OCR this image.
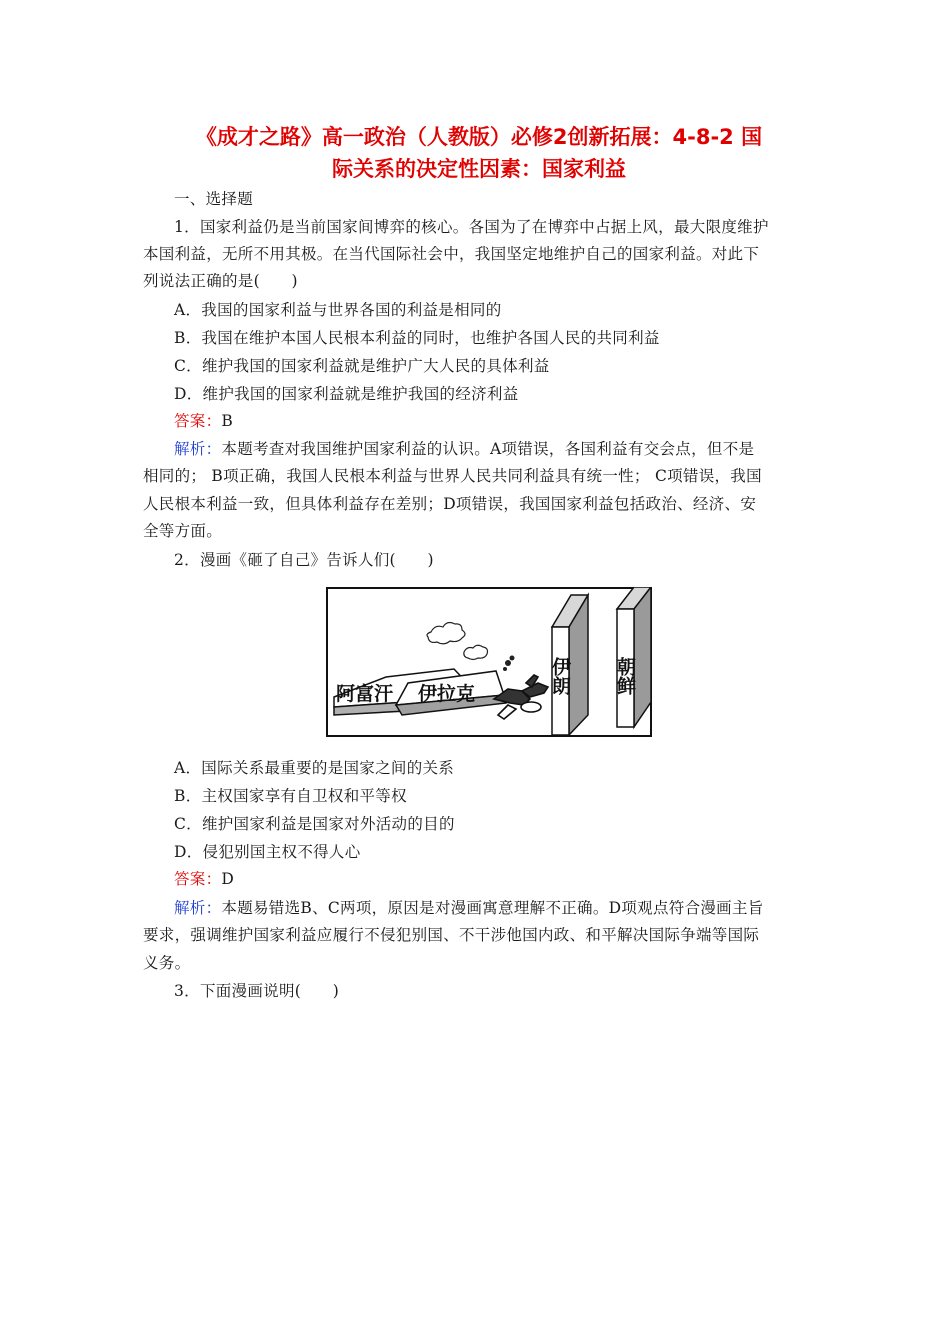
《成才之路》高一政治（人教版）必修2创新拓展：4-8-2 国
际关系的决定性因素：国家利益
一、选择题
1．国家利益仍是当前国家间博弈的核心。各国为了在博弈中占据上风，最大限度维护
本国利益，无所不用其极。在当代国际社会中，我国坚定地维护自己的国家利益。对此下
列说法正确的是(　　)
A．我国的国家利益与世界各国的利益是相同的
B．我国在维护本国人民根本利益的同时，也维护各国人民的共同利益
C．维护我国的国家利益就是维护广大人民的具体利益
D．维护我国的国家利益就是维护我国的经济利益
答案：B
解析：本题考查对我国维护国家利益的认识。A项错误，各国利益有交会点，但不是
相同的； B项正确，我国人民根本利益与世界人民共同利益具有统一性； C项错误，我国
人民根本利益一致，但具体利益存在差别；D项错误，我国国家利益包括政治、经济、安
全等方面。
2．漫画《砸了自己》告诉人们(　　)
阿富汗 伊拉克	伊朗 朝鲜
A．国际关系最重要的是国家之间的关系
B．主权国家享有自卫权和平等权
C．维护国家利益是国家对外活动的目的
D．侵犯别国主权不得人心
答案：D
解析：本题易错选B、C两项，原因是对漫画寓意理解不正确。D项观点符合漫画主旨
要求，强调维护国家利益应履行不侵犯别国、不干涉他国内政、和平解决国际争端等国际
义务。
3．下面漫画说明(　　)
